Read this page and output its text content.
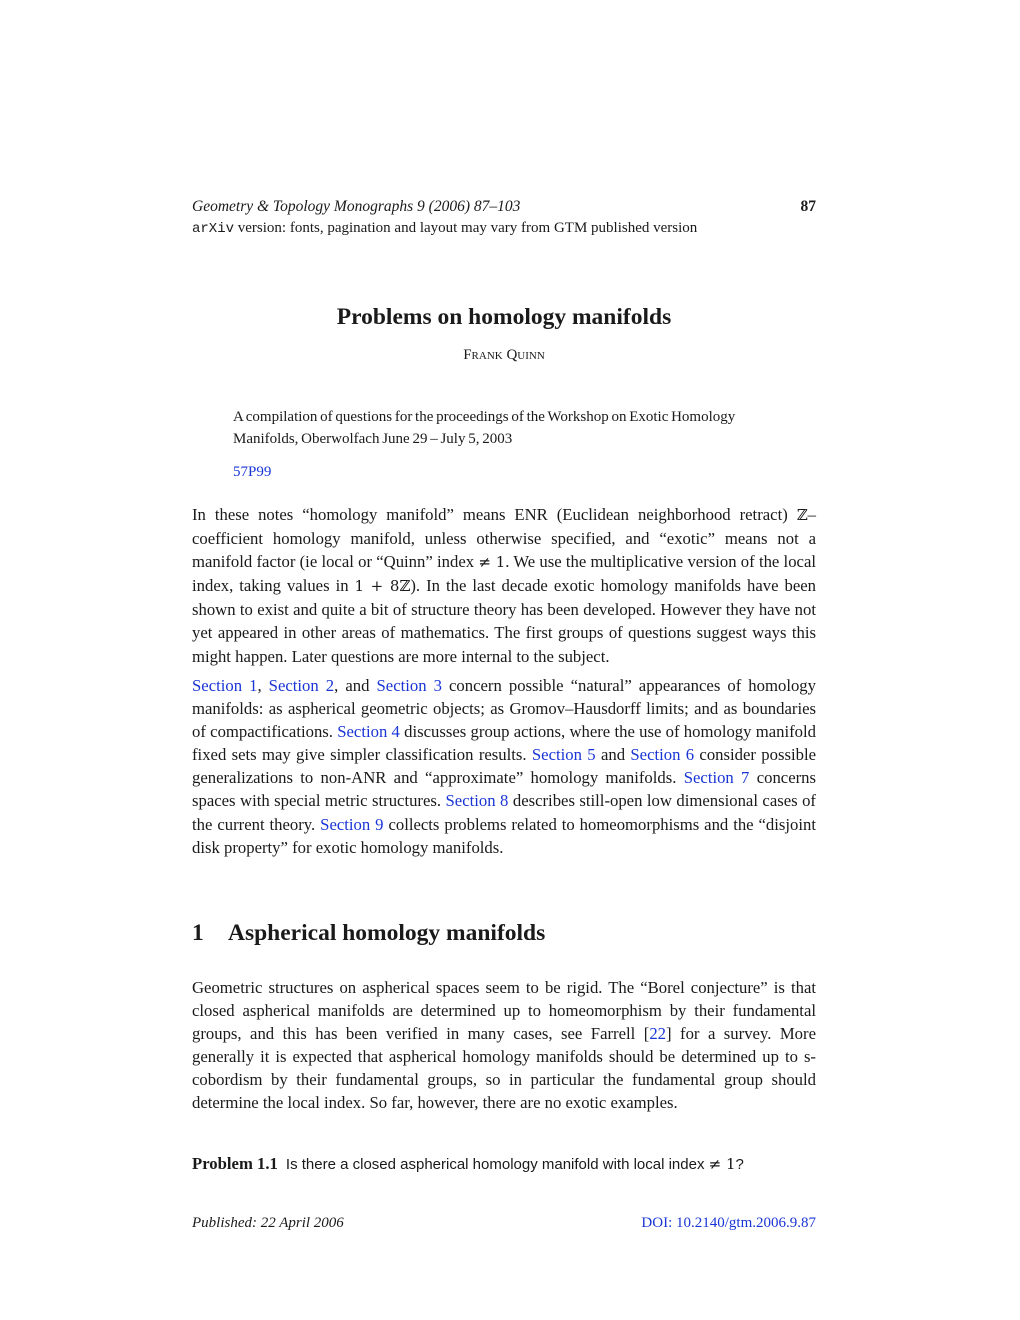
Geometry & Topology Monographs 9 (2006) 87–103	87
arXiv version: fonts, pagination and layout may vary from GTM published version
Problems on homology manifolds
Frank Quinn
A compilation of questions for the proceedings of the Workshop on Exotic Homology Manifolds, Oberwolfach June 29 – July 5, 2003
57P99
In these notes “homology manifold” means ENR (Euclidean neighborhood retract) ℤ–coefficient homology manifold, unless otherwise specified, and “exotic” means not a manifold factor (ie local or “Quinn” index ≠ 1. We use the multiplicative version of the local index, taking values in 1 + 8ℤ). In the last decade exotic homology manifolds have been shown to exist and quite a bit of structure theory has been developed. However they have not yet appeared in other areas of mathematics. The first groups of questions suggest ways this might happen. Later questions are more internal to the subject.
Section 1, Section 2, and Section 3 concern possible “natural” appearances of homology manifolds: as aspherical geometric objects; as Gromov–Hausdorff limits; and as boundaries of compactifications. Section 4 discusses group actions, where the use of homology manifold fixed sets may give simpler classification results. Section 5 and Section 6 consider possible generalizations to non-ANR and “approximate” homology manifolds. Section 7 concerns spaces with special metric structures. Section 8 describes still-open low dimensional cases of the current theory. Section 9 collects problems related to homeomorphisms and the “disjoint disk property” for exotic homology manifolds.
1 Aspherical homology manifolds
Geometric structures on aspherical spaces seem to be rigid. The “Borel conjecture” is that closed aspherical manifolds are determined up to homeomorphism by their fundamental groups, and this has been verified in many cases, see Farrell [22] for a survey. More generally it is expected that aspherical homology manifolds should be determined up to s-cobordism by their fundamental groups, so in particular the fundamental group should determine the local index. So far, however, there are no exotic examples.
Problem 1.1 Is there a closed aspherical homology manifold with local index ≠ 1?
Published: 22 April 2006	DOI: 10.2140/gtm.2006.9.87
